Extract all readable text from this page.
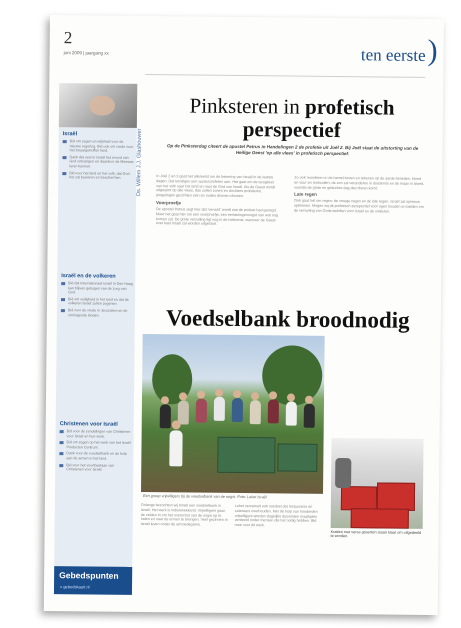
2
juni 2009 | jaargang xx	ten eerste )
Israël
Bid om zegen en wijsheid voor de nieuwe regering. Bid ook om vrede voor het zwaargetroffen land.
Dank dat veel in Israël het woord van God ontvangen en daardoor de Messias leren kennen.
Bid voor het land en het volk, dat God het zal bewaren en beschermen.
Israël en de volkeren
Bid dat Internationaal Israël in Den Haag kan blijven getuigen van de zorg van God.
Bid om veiligheid in het land en dat de volkeren Israël zullen zegenen.
Bid voor de vrede in Jeruzalem en de omringende landen.
Christenen voor Israël
Bid voor de zendelingen van Christenen voor Israël en hun werk.
Bid om zegen op het werk van het Israël Producten Centrum.
Dank voor de voedselbank en de hulp aan de armen in het land.
Bid voor het voortbestaan van Christenen voor Israël.
Gebedspunten
» gebedskaart.nl
Ds. Willem J.J. Glashouwer
Pinksteren in profetisch
perspectief
Op de Pinksterdag citeert de apostel Petrus in Handelingen 2 de profetie uit Joël 2. Bij Joël staat de uitstorting van de Heilige Geest 'op alle vlees' in profetisch perspectief.
In Joël 2 en 3 gaat het allereerst om de bekering van Israël in de laatste dagen. Dat kondigen een aantal profeten aan. Het gaat om de terugkeer van het volk naar het land en naar de God van Israël. Als de Geest wordt uitgestort op alle vlees, dan zullen zonen en dochters profeteren, jongelingen gezichten zien en ouden dromen dromen.
Voorproefje
De apostel Petrus zegt hier dat 'vervuld' wordt wat de profeet had gezegd. Maar het gaat hier om een voorproefje, een eerstelingenoogst van wat nog komen zal. De grote vervulling ligt nog in de toekomst, wanneer de Geest over heel Israël zal worden uitgestort.
Zo ook 'wonderen in de hemel boven en tekenen op de aarde beneden, bloed en vuur en rookzuilen; de zon zal veranderen in duisternis en de maan in bloed, voordat de grote en geduchte dag des Heren komt'.
Late regen
Ook gaat het om regen: de vroege regen en de late regen. Israël zal opnieuw opbloeien. Mogen wij dit profetisch perspectief voor ogen houden en bidden om de vervulling van Gods beloften voor Israël en de volkeren.
Voedselbank broodnodig
Een groep vrijwilligers bij de voedselbank van de oogst. Foto: Leket Israël
Onlangs bezochten wij Israël een voedselbank in Israël. Het werk is indrukwekkend. Vrijwilligers gaan de velden in om het overschot van de oogst op te halen en naar de armen te brengen. Veel gezinnen in Israël leven onder de armoedegrens.
Leket verzamelt ook voedsel dat restaurants en cateraars overhouden. Met de hulp van honderden vrijwilligers worden dagelijks duizenden maaltijden verdeeld onder mensen die het nodig hebben. Bid mee voor dit werk.
Kratten met verse groenten staan klaar om uitgedeeld te worden.
